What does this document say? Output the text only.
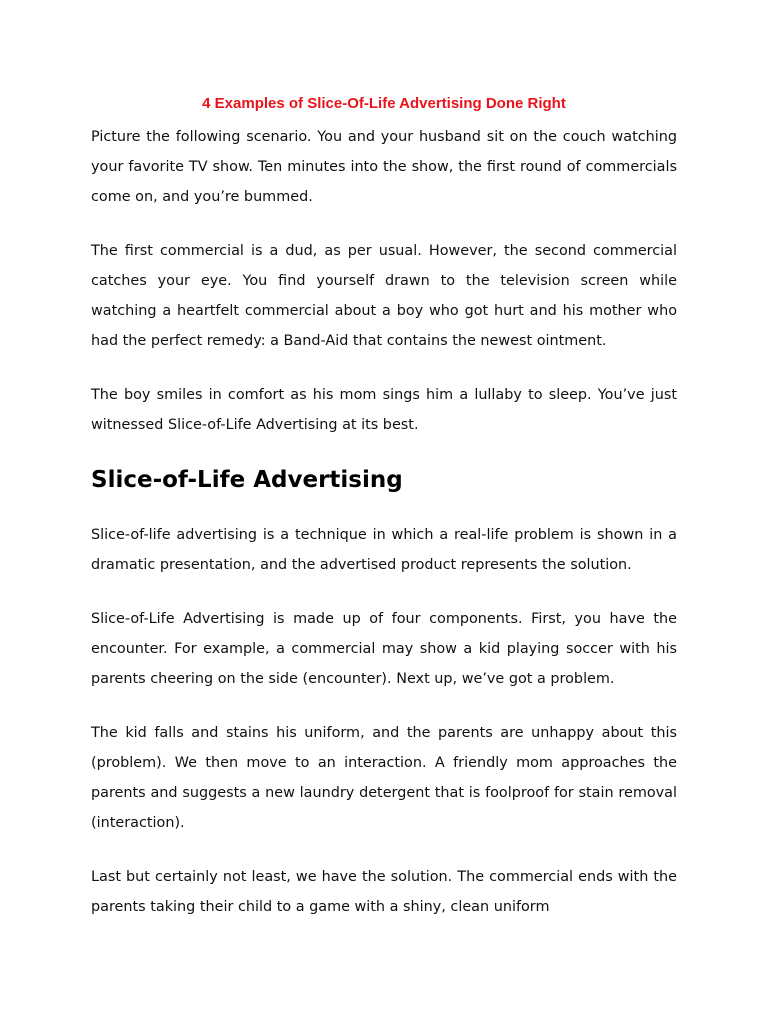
4 Examples of Slice-Of-Life Advertising Done Right

Picture the following scenario. You and your husband sit on the couch watching your favorite TV show. Ten minutes into the show, the first round of commercials come on, and you’re bummed.

The first commercial is a dud, as per usual. However, the second commercial catches your eye. You find yourself drawn to the television screen while watching a heartfelt commercial about a boy who got hurt and his mother who had the perfect remedy: a Band-Aid that contains the newest ointment.

The boy smiles in comfort as his mom sings him a lullaby to sleep. You’ve just witnessed Slice-of-Life Advertising at its best.

Slice-of-Life Advertising

Slice-of-life advertising is a technique in which a real-life problem is shown in a dramatic presentation, and the advertised product represents the solution.

Slice-of-Life Advertising is made up of four components. First, you have the encounter. For example, a commercial may show a kid playing soccer with his parents cheering on the side (encounter). Next up, we’ve got a problem.

The kid falls and stains his uniform, and the parents are unhappy about this (problem). We then move to an interaction. A friendly mom approaches the parents and suggests a new laundry detergent that is foolproof for stain removal (interaction).

Last but certainly not least, we have the solution. The commercial ends with the parents taking their child to a game with a shiny, clean uniform
